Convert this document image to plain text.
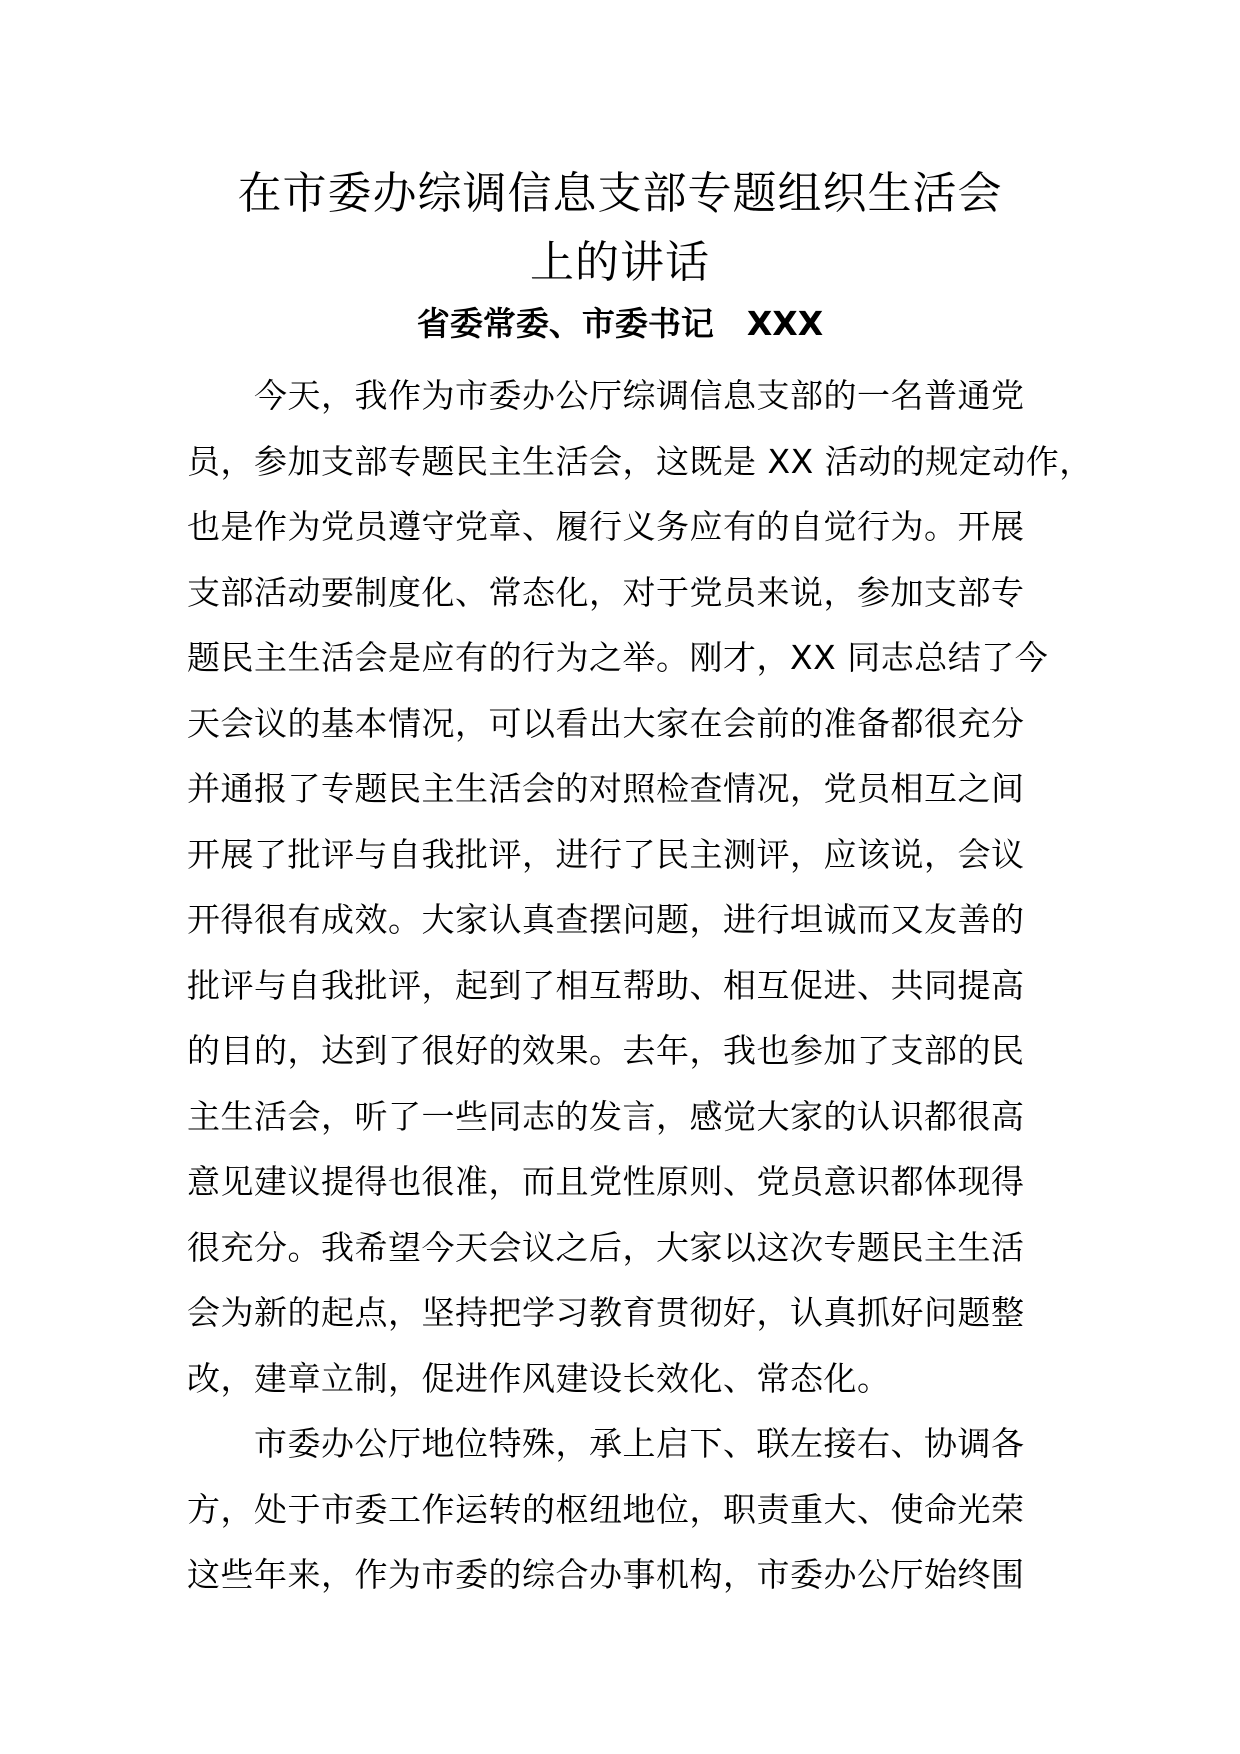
在市委办综调信息支部专题组织生活会
上的讲话
省委常委、市委书记　XXX
　　今天，我作为市委办公厅综调信息支部的一名普通党
员，参加支部专题民主生活会，这既是 XX 活动的规定动作，
也是作为党员遵守党章、履行义务应有的自觉行为。开展
支部活动要制度化、常态化，对于党员来说，参加支部专
题民主生活会是应有的行为之举。刚才，XX 同志总结了今
天会议的基本情况，可以看出大家在会前的准备都很充分
并通报了专题民主生活会的对照检查情况，党员相互之间
开展了批评与自我批评，进行了民主测评，应该说，会议
开得很有成效。大家认真查摆问题，进行坦诚而又友善的
批评与自我批评，起到了相互帮助、相互促进、共同提高
的目的，达到了很好的效果。去年，我也参加了支部的民
主生活会，听了一些同志的发言，感觉大家的认识都很高
意见建议提得也很准，而且党性原则、党员意识都体现得
很充分。我希望今天会议之后，大家以这次专题民主生活
会为新的起点，坚持把学习教育贯彻好，认真抓好问题整
改，建章立制，促进作风建设长效化、常态化。
　　市委办公厅地位特殊，承上启下、联左接右、协调各
方，处于市委工作运转的枢纽地位，职责重大、使命光荣
这些年来，作为市委的综合办事机构，市委办公厅始终围
